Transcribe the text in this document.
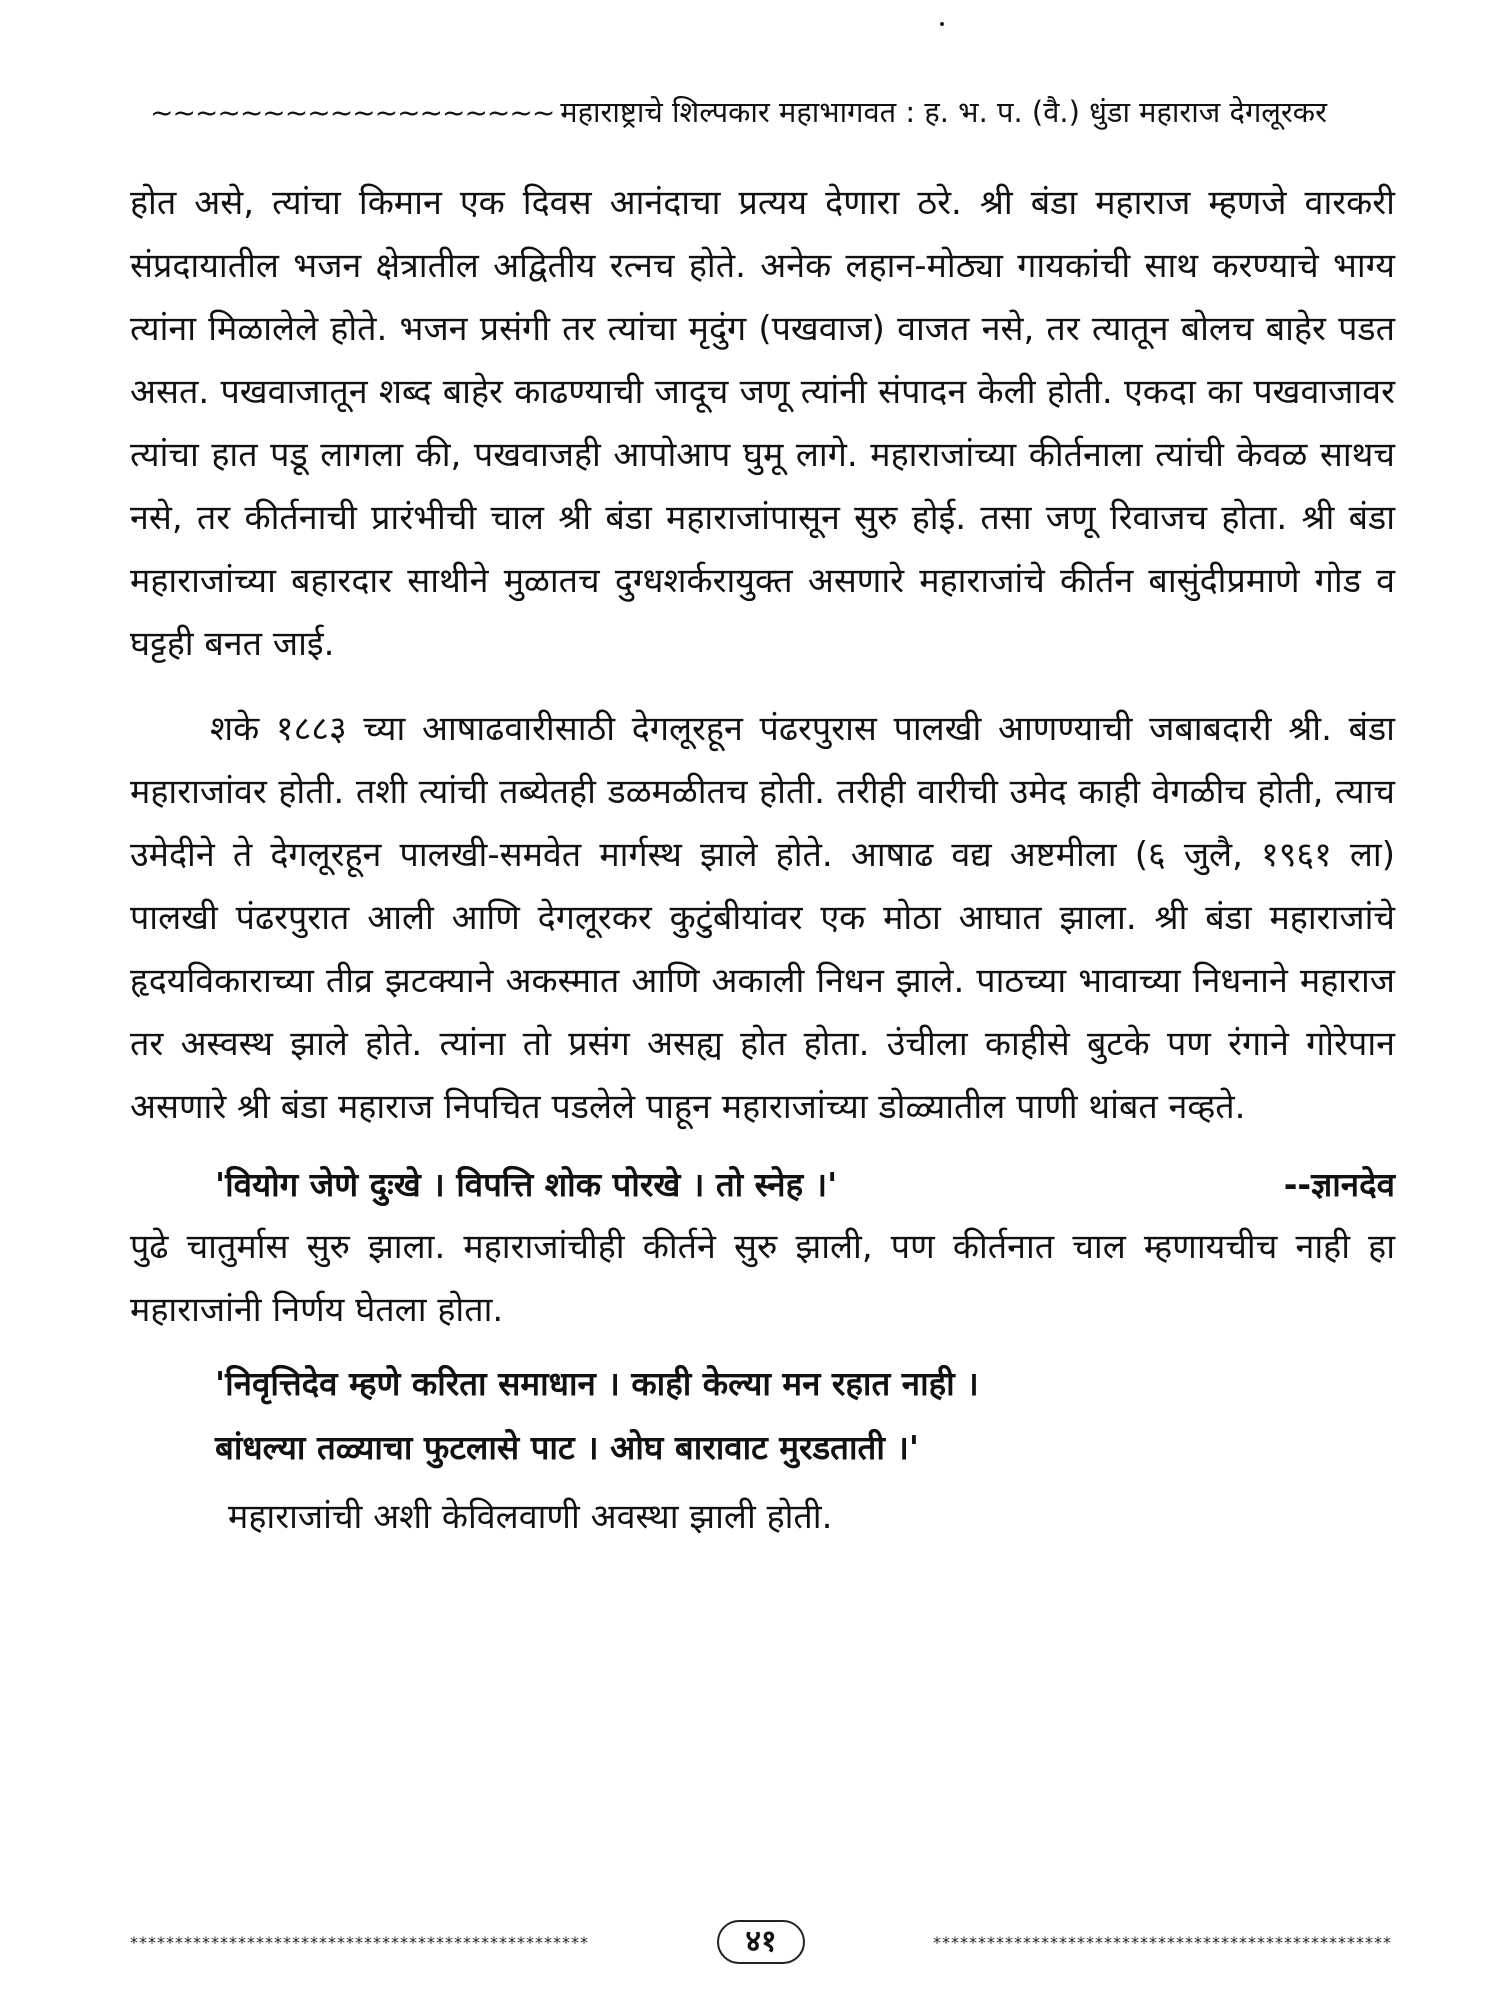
~~~~~~~~~~~~~~~~~~ महाराष्ट्राचे शिल्पकार महाभागवत : ह. भ. प. (वै.) धुंडा महाराज देगलूरकर

होत असे, त्यांचा किमान एक दिवस आनंदाचा प्रत्यय देणारा ठरे. श्री बंडा महाराज म्हणजे वारकरी संप्रदायातील भजन क्षेत्रातील अद्वितीय रत्नच होते. अनेक लहान-मोठ्या गायकांची साथ करण्याचे भाग्य त्यांना मिळालेले होते. भजन प्रसंगी तर त्यांचा मृदुंग (पखवाज) वाजत नसे, तर त्यातून बोलच बाहेर पडत असत. पखवाजातून शब्द बाहेर काढण्याची जादूच जणू त्यांनी संपादन केली होती. एकदा का पखवाजावर त्यांचा हात पडू लागला की, पखवाजही आपोआप घुमू लागे. महाराजांच्या कीर्तनाला त्यांची केवळ साथच नसे, तर कीर्तनाची प्रारंभीची चाल श्री बंडा महाराजांपासून सुरु होई. तसा जणू रिवाजच होता. श्री बंडा महाराजांच्या बहारदार साथीने मुळातच दुग्धशर्करायुक्त असणारे महाराजांचे कीर्तन बासुंदीप्रमाणे गोड व घट्टही बनत जाई.

शके १८८३ च्या आषाढवारीसाठी देगलूरहून पंढरपुरास पालखी आणण्याची जबाबदारी श्री. बंडा महाराजांवर होती. तशी त्यांची तब्येतही डळमळीतच होती. तरीही वारीची उमेद काही वेगळीच होती, त्याच उमेदीने ते देगलूरहून पालखी-समवेत मार्गस्थ झाले होते. आषाढ वद्य अष्टमीला (६ जुलै, १९६१ ला) पालखी पंढरपुरात आली आणि देगलूरकर कुटुंबीयांवर एक मोठा आघात झाला. श्री बंडा महाराजांचे हृदयविकाराच्या तीव्र झटक्याने अकस्मात आणि अकाली निधन झाले. पाठच्या भावाच्या निधनाने महाराज तर अस्वस्थ झाले होते. त्यांना तो प्रसंग असह्य होत होता. उंचीला काहीसे बुटके पण रंगाने गोरेपान असणारे श्री बंडा महाराज निपचित पडलेले पाहून महाराजांच्या डोळ्यातील पाणी थांबत नव्हते.

'वियोग जेणे दुःखे । विपत्ति शोक पोरखे । तो स्नेह ।'	--ज्ञानदेव

पुढे चातुर्मास सुरु झाला. महाराजांचीही कीर्तने सुरु झाली, पण कीर्तनात चाल म्हणायचीच नाही हा महाराजांनी निर्णय घेतला होता.

'निवृत्तिदेव म्हणे करिता समाधान । काही केल्या मन रहात नाही ।
बांधल्या तळ्याचा फुटलासे पाट । ओघ बारावाट मुरडताती ।'

महाराजांची अशी केविलवाणी अवस्था झाली होती.

***************************************************	४१	***************************************************
